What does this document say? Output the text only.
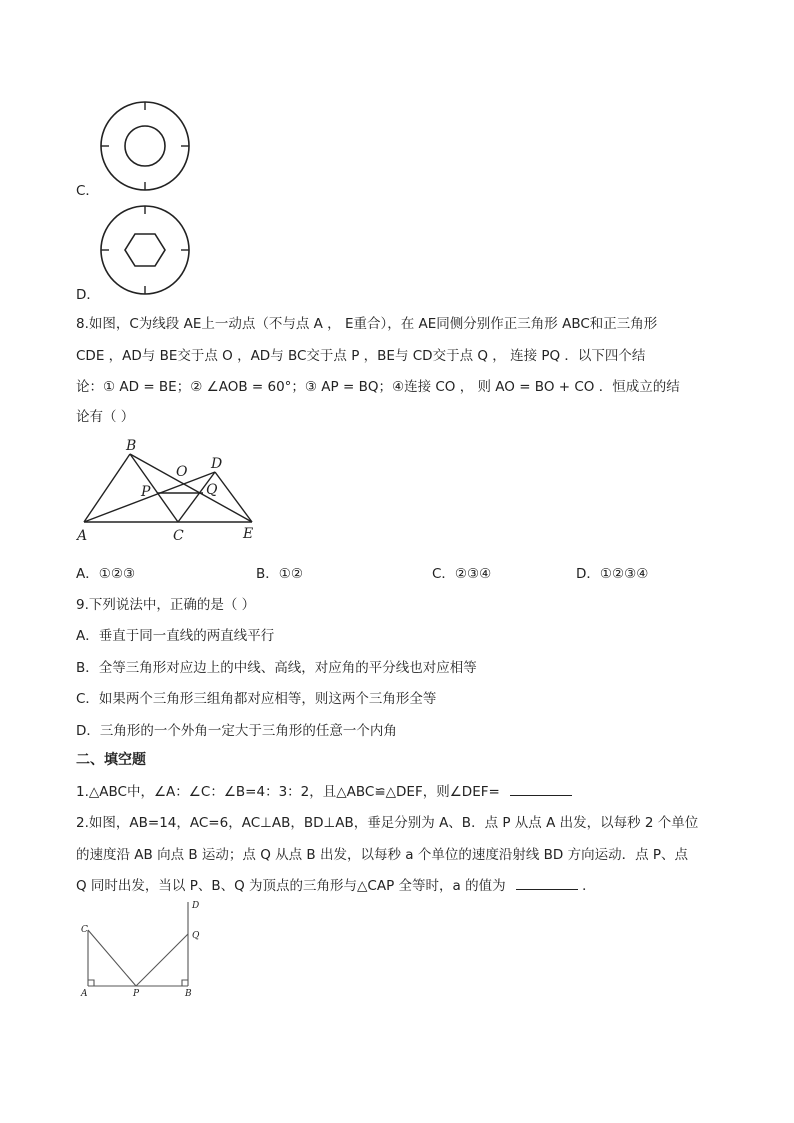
C．
D．
8.如图，C为线段 AE上一动点（不与点 A ， E重合），在 AE同侧分别作正三角形 ABC和正三角形
CDE ，AD与 BE交于点 O ，AD与 BC交于点 P ，BE与 CD交于点 Q ， 连接 PQ ．以下四个结
论：① AD = BE；② ∠AOB = 60°；③ AP = BQ；④连接 CO ， 则 AO = BO + CO ．恒成立的结
论有（ ）
B
O D
P	Q
A	C	E
A．①②③	B．①②	C．②③④	D．①②③④
9.下列说法中，正确的是（ ）
A．垂直于同一直线的两直线平行
B．全等三角形对应边上的中线、高线，对应角的平分线也对应相等
C．如果两个三角形三组角都对应相等，则这两个三角形全等
D．三角形的一个外角一定大于三角形的任意一个内角
二、填空题
1.△ABC中，∠A：∠C：∠B=4：3：2，且△ABC≌△DEF，则∠DEF=
2.如图，AB=14，AC=6，AC⊥AB，BD⊥AB，垂足分别为 A、B．点 P 从点 A 出发，以每秒 2 个单位
的速度沿 AB 向点 B 运动；点 Q 从点 B 出发，以每秒 a 个单位的速度沿射线 BD 方向运动．点 P、点
Q 同时出发，当以 P、B、Q 为顶点的三角形与△CAP 全等时，a 的值为	．
C
D
Q
A	P	B
